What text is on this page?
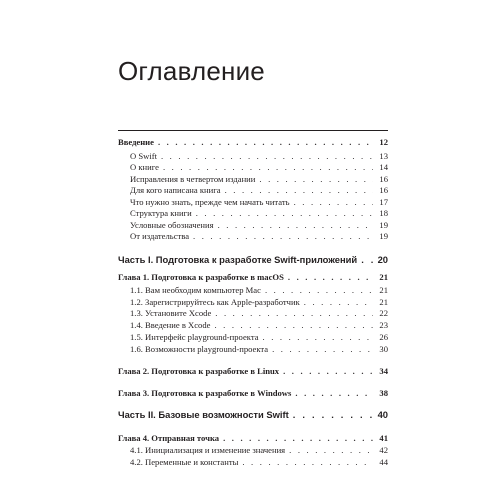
Оглавление
Введение . . .	12
О Swift . . .	13
О книге . . .	14
Исправления в четвертом издании . . .	16
Для кого написана книга . . .	16
Что нужно знать, прежде чем начать читать . . .	17
Структура книги . . .	18
Условные обозначения . . .	19
От издательства . . .	19
Часть I. Подготовка к разработке Swift-приложений . . . 20
Глава 1. Подготовка к разработке в macOS . . .	21
1.1. Вам необходим компьютер Mac . . .	21
1.2. Зарегистрируйтесь как Apple-разработчик . . .	21
1.3. Установите Xcode . . .	22
1.4. Введение в Xcode . . .	23
1.5. Интерфейс playground-проекта . . .	26
1.6. Возможности playground-проекта . . .	30
Глава 2. Подготовка к разработке в Linux . . .	34
Глава 3. Подготовка к разработке в Windows . . .	38
Часть II. Базовые возможности Swift . . .	40
Глава 4. Отправная точка . . .	41
4.1. Инициализация и изменение значения . . .	42
4.2. Переменные и константы . . .	44
